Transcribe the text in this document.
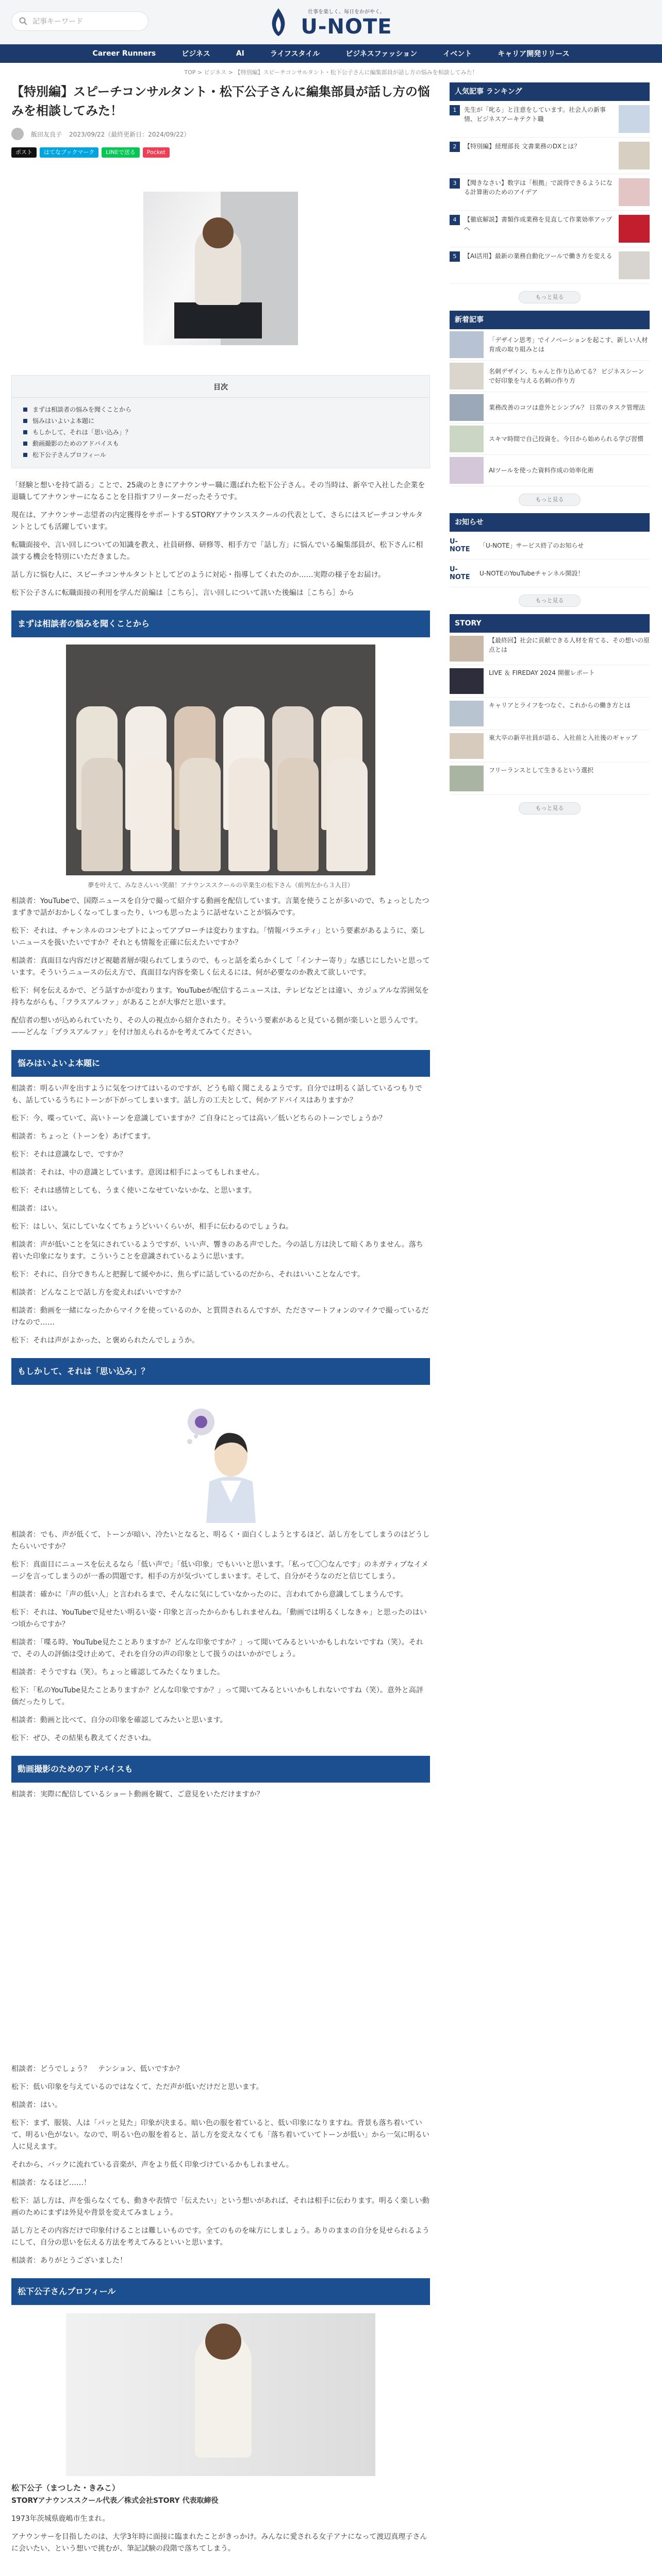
記事キーワード
仕事を楽しく、毎日をかがやく。
U-NOTE
Career Runners	ビジネス	AI	ライフスタイル	ビジネスファッション	イベント	キャリア開発リリース
TOP > ビジネス > 【特別編】スピーチコンサルタント・松下公子さんに編集部員が話し方の悩みを相談してみた！
【特別編】スピーチコンサルタント・松下公子さんに編集部員が話し方の悩みを相談してみた！
飯田友良子 2023/09/22（最終更新日：2024/09/22）
ポスト	はてなブックマーク	LINEで送る	Pocket
目次
まずは相談者の悩みを聞くことから
悩みはいよいよ本題に
もしかして、それは「思い込み」？
動画撮影のためのアドバイスも
松下公子さんプロフィール

「経験と想いを持て語る」ことで、25歳のときにアナウンサー職に選ばれた松下公子さん。その当時は、新卒で入社した企業を退職してアナウンサーになることを目指すフリーターだったそうです。

現在は、アナウンサー志望者の内定獲得をサポートするSTORYアナウンススクールの代表として、さらにはスピーチコンサルタントとしても活躍しています。

転職面接や、言い回しについての知識を教え、社員研修、研修等、相手方で「話し方」に悩んでいる編集部員が、松下さんに相談する機会を特別にいただきました。

話し方に悩む人に、スピーチコンサルタントとしてどのように対応・指導してくれたのか……実際の様子をお届け。

松下公子さんに転職面接の利用を学んだ前編は［こちら］、言い回しについて訊いた後編は［こちら］から

まずは相談者の悩みを聞くことから
夢を叶えて、みなさんいい笑顔！アナウンススクールの卒業生の松下さん（前列左から３人目）

相談者：YouTubeで、国際ニュースを自分で撮って紹介する動画を配信しています。言葉を使うことが多いので、ちょっとしたつまずきで話がおかしくなってしまったり、いつも思ったように話せないことが悩みです。

松下：それは、チャンネルのコンセプトによってアプローチは変わりますね。「情報バラエティ」という要素があるように、楽しいニュースを扱いたいですか？それとも情報を正確に伝えたいですか？

相談者：真面目な内容だけど視聴者層が限られてしまうので、もっと話を柔らかくして「インナー寄り」な感じにしたいと思っています。そういうニュースの伝え方で、真面目な内容を楽しく伝えるには、何が必要なのか教えて欲しいです。

松下：何を伝えるかで、どう話すかが変わります。YouTubeが配信するニュースは、テレビなどとは違い、カジュアルな雰囲気を持ちながらも、「フラスアルファ」があることが大事だと思います。

配信者の想いが込められていたり、その人の視点から紹介されたり。そういう要素があると見ている側が楽しいと思うんです。——どんな「プラスアルファ」を付け加えられるかを考えてみてください。

悩みはいよいよ本題に

相談者：明るい声を出すように気をつけてはいるのですが、どうも暗く聞こえるようです。自分では明るく話しているつもりでも、話しているうちにトーンが下がってしまいます。話し方の工夫として、何かアドバイスはありますか？

松下：今、喋っていて、高いトーンを意識していますか？ご自身にとっては高い／低いどちらのトーンでしょうか？

相談者：ちょっと（トーンを）あげてます。

松下：それは意識なしで、ですか？

相談者：それは、中の意識としています。意図は相手によってもしれません。

松下：それは感情としても、うまく使いこなせていないかな、と思います。

相談者：はい。

松下：はしい、気にしていなくてちょうどいいくらいが、相手に伝わるのでしょうね。

相談者：声が低いことを気にされているようですが、いい声、響きのある声でした。今の話し方は決して暗くありません。落ち着いた印象になります。こういうことを意識されているように思います。

松下：それに、自分できちんと把握して緩やかに、焦らずに話しているのだから、それはいいことなんです。

相談者：どんなことで話し方を変えればいいですか？

相談者：動画を一緒になったからマイクを使っているのか、と質問されるんですが、たださマートフォンのマイクで撮っているだけなので……

松下：それは声がよかった、と褒められたんでしょうか。

もしかして、それは「思い込み」？

相談者：でも、声が低くて、トーンが暗い、冷たいとなると、明るく・面白くしようとするほど、話し方をしてしまうのはどうしたらいいですか？

松下：真面目にニュースを伝えるなら「低い声で」「低い印象」でもいいと思います。「私って〇〇なんです」のネガティブなイメージを言ってしまうのが一番の問題です。相手の方が気づいてしまいます。そして、自分がそうなのだと信じてしまう。

相談者：確かに「声の低い人」と言われるまで、そんなに気にしていなかったのに、言われてから意識してしまうんです。

松下：それは、YouTubeで見せたい明るい姿・印象と言ったからかもしれませんね。「動画では明るくしなきゃ」と思ったのはいつ頃からですか？

相談者：「喋る時、YouTube見たことありますか？どんな印象ですか？」って聞いてみるといいかもしれないですね（笑）。それで、その人の評価は受け止めて、それを自分の声の印象として扱うのはいかがでしょう。

相談者：そうですね（笑）。ちょっと確認してみたくなりました。

松下：「私のYouTube見たことありますか？どんな印象ですか？」って聞いてみるといいかもしれないですね（笑）。意外と高評価だったりして。

相談者：動画と比べて、自分の印象を確認してみたいと思います。

松下：ぜひ、その結果も教えてくださいね。

動画撮影のためのアドバイスも

相談者：実際に配信しているショート動画を観て、ご意見をいただけますか？

相談者：どうでしょう？　テンション、低いですか？

松下：低い印象を与えているのではなくて、ただ声が低いだけだと思います。

相談者：はい。

松下：まず、服装、人は「パッと見た」印象が決まる。暗い色の服を着ていると、低い印象になりますね。背景も落ち着いていて、明るい色がない。なので、明るい色の服を着ると、話し方を変えなくても「落ち着いていてトーンが低い」から一気に明るい人に見えます。

それから、バックに流れている音楽が、声をより低く印象づけているかもしれません。

相談者：なるほど……！

松下：話し方は、声を張らなくても、動きや表情で「伝えたい」という想いがあれば、それは相手に伝わります。明るく楽しい動画のためにまずは外見や背景を変えてみましょう。

話し方とその内容だけで印象付けることは難しいものです。全てのものを味方にしましょう。ありのままの自分を見せられるようにして、自分の思いを伝える方法を考えてみるといいと思います。

相談者：ありがとうございました！

松下公子さんプロフィール

松下公子（まつした・きみこ）

STORYアナウンススクール代表／株式会社STORY 代表取締役

1973年茨城県鹿嶋市生まれ。

アナウンサーを目指したのは、大学3年時に面接に臨まれたことがきっかけ。みんなに愛される女子アナになって渡辺真理子さんに会いたい、という想いで挑むが、筆記試験の段階で落ちてしまう。

人気記事 ランキング
1	先生が「叱る」と注意をしています。社会人の新事情、ビジネスアーキテクト職
2	【特別編】経理部長 文書業務のDXとは？
3	【聞きなさい】数字は「根拠」で説得できるようになる計算術のためのアイデア
4	【徹底解説】書類作成業務を見直して作業効率アップへ
5	【AI活用】最新の業務自動化ツールで働き方を変える
もっと見る
新着記事
「デザイン思考」でイノベーションを起こす、新しい人材育成の取り組みとは
名刺デザイン、ちゃんと作り込めてる？ ビジネスシーンで好印象を与える名刺の作り方
業務改善のコツは意外とシンプル？ 日常のタスク管理法
スキマ時間で自己投資を。今日から始められる学び習慣
AIツールを使った資料作成の効率化術
もっと見る
お知らせ
U-NOTE	「U-NOTE」サービス終了のお知らせ
U-NOTE	U-NOTEのYouTubeチャンネル開設！
もっと見る
STORY
【最終回】社会に貢献できる人材を育てる、その想いの原点とは
LIVE ＆ FIREDAY 2024 開催レポート
キャリアとライフをつなぐ、これからの働き方とは
東大卒の新卒社員が語る、入社前と入社後のギャップ
フリーランスとして生きるという選択
もっと見る
